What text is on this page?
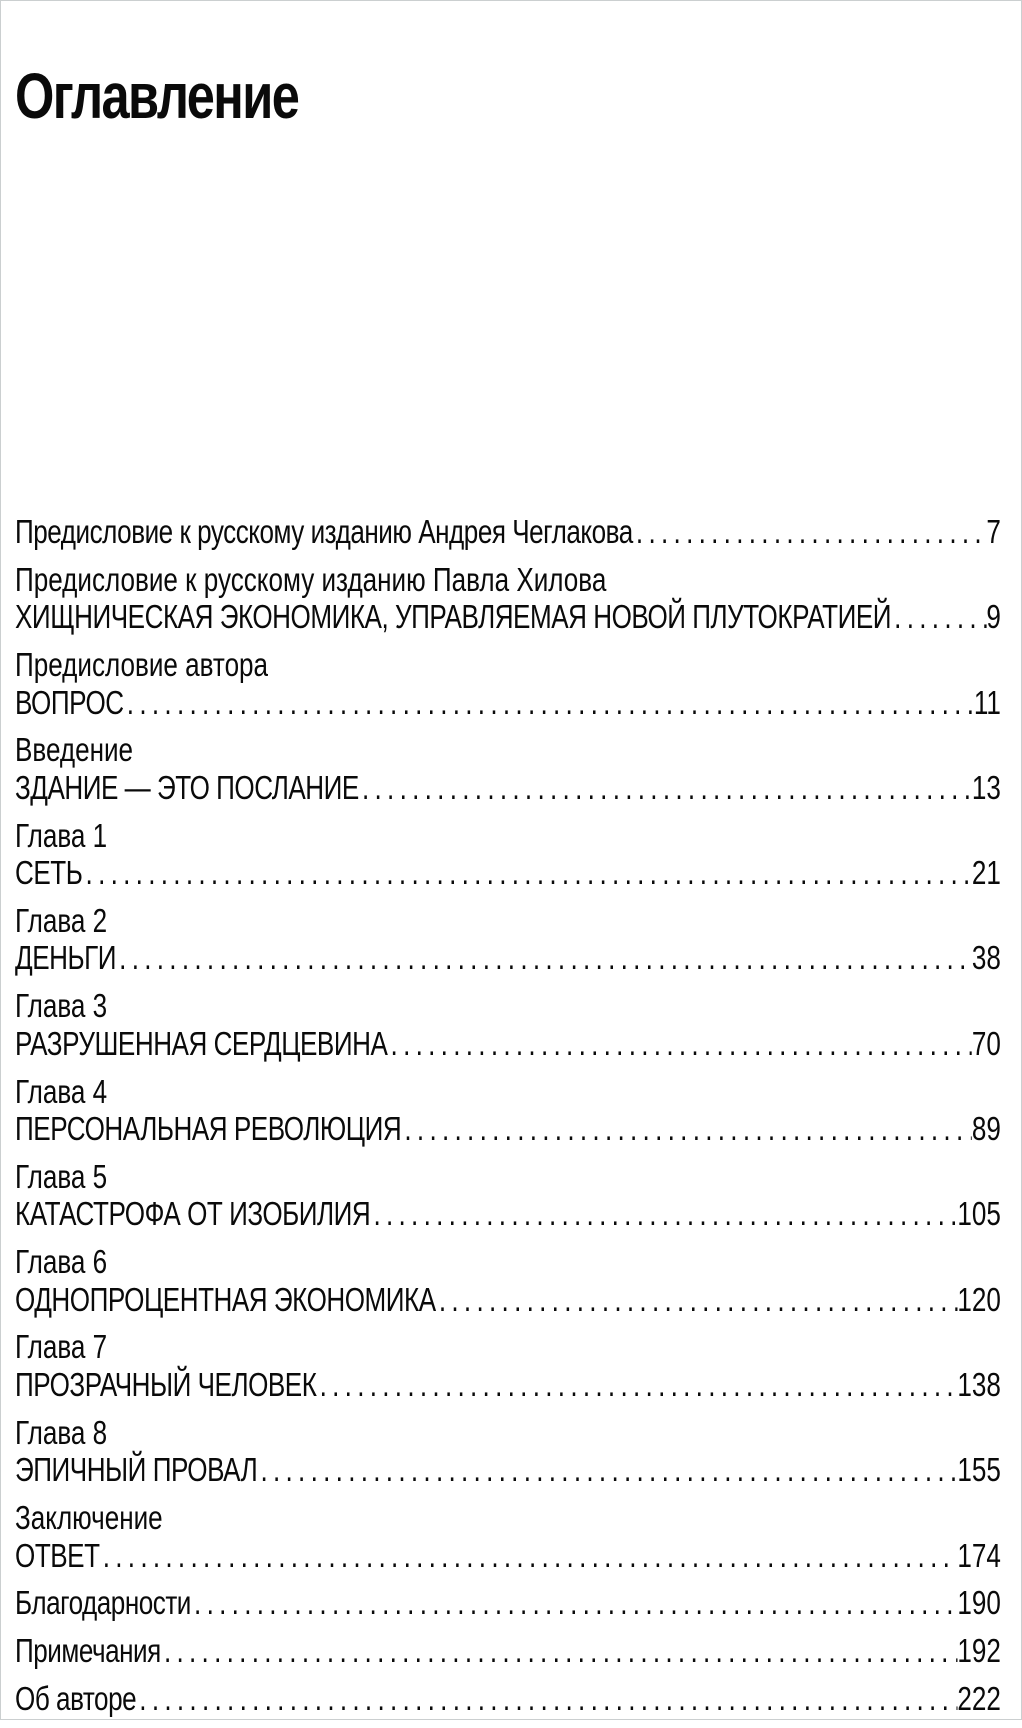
Оглавление
Предисловие к русскому изданию Андрея Чеглакова .....	7
Предисловие к русскому изданию Павла Хилова
ХИЩНИЧЕСКАЯ ЭКОНОМИКА, УПРАВЛЯЕМАЯ НОВОЙ ПЛУТОКРАТИЕЙ .....	9
Предисловие автора
ВОПРОС .....	11
Введение
ЗДАНИЕ — ЭТО ПОСЛАНИЕ .....	13
Глава 1
СЕТЬ .....	21
Глава 2
ДЕНЬГИ .....	38
Глава 3
РАЗРУШЕННАЯ СЕРДЦЕВИНА .....	70
Глава 4
ПЕРСОНАЛЬНАЯ РЕВОЛЮЦИЯ .....	89
Глава 5
КАТАСТРОФА ОТ ИЗОБИЛИЯ .....	105
Глава 6
ОДНОПРОЦЕНТНАЯ ЭКОНОМИКА .....	120
Глава 7
ПРОЗРАЧНЫЙ ЧЕЛОВЕК .....	138
Глава 8
ЭПИЧНЫЙ ПРОВАЛ .....	155
Заключение
ОТВЕТ .....	174
Благодарности .....	190
Примечания .....	192
Об авторе .....	222
